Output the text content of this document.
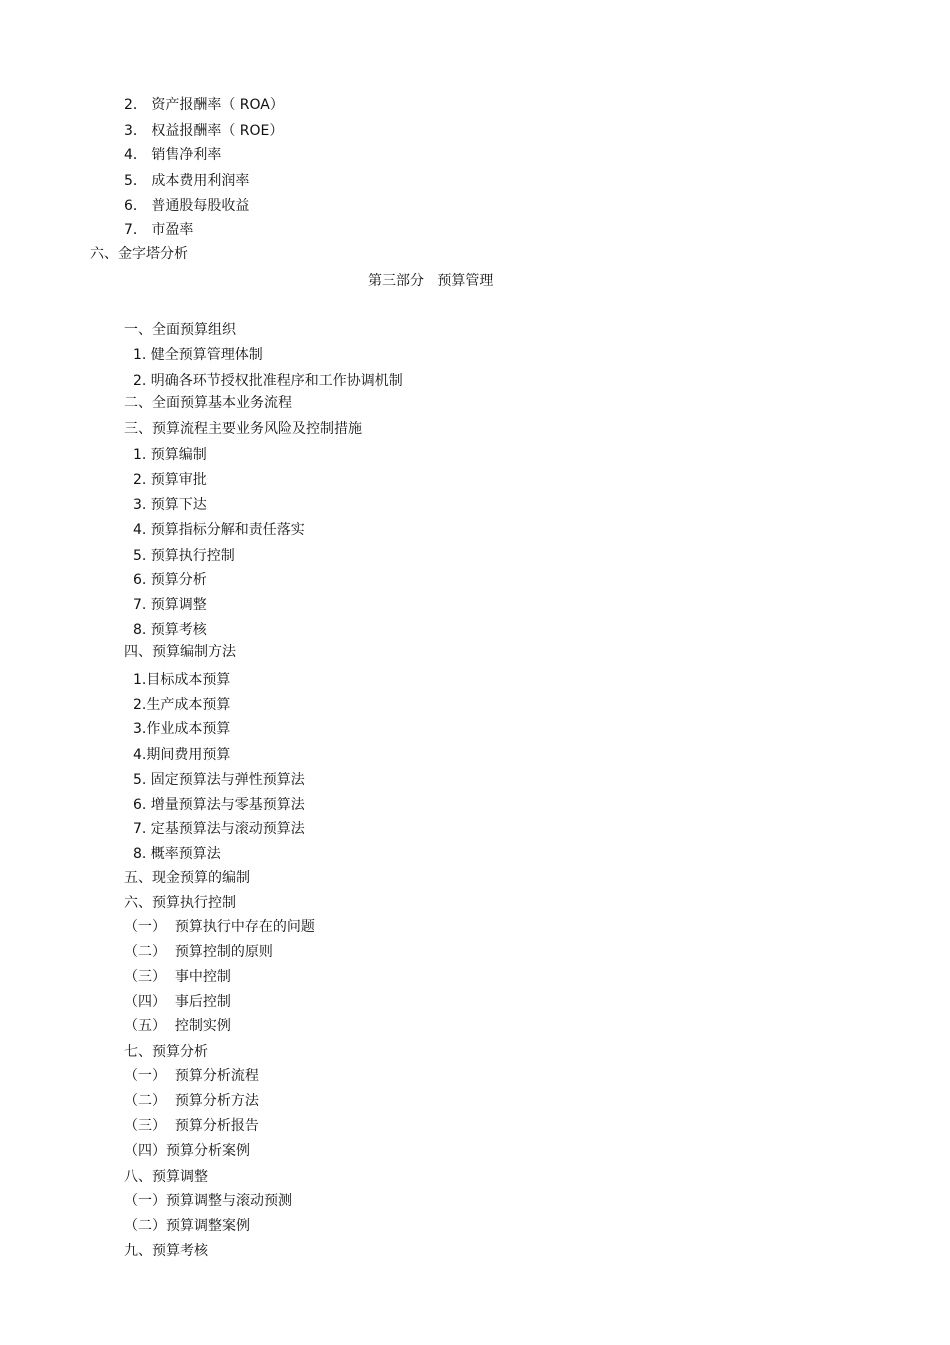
2． 资产报酬率（ ROA）
3． 权益报酬率（ ROE）
4． 销售净利率
5． 成本费用利润率
6． 普通股每股收益
7． 市盈率
六、金字塔分析
第三部分   预算管理
一、全面预算组织
1. 健全预算管理体制
2. 明确各环节授权批准程序和工作协调机制
二、全面预算基本业务流程
三、预算流程主要业务风险及控制措施
1. 预算编制
2. 预算审批
3. 预算下达
4. 预算指标分解和责任落实
5. 预算执行控制
6. 预算分析
7. 预算调整
8. 预算考核
四、预算编制方法
1.目标成本预算
2.生产成本预算
3.作业成本预算
4.期间费用预算
5. 固定预算法与弹性预算法
6. 增量预算法与零基预算法
7. 定基预算法与滚动预算法
8. 概率预算法
五、现金预算的编制
六、预算执行控制
（一）  预算执行中存在的问题
（二）  预算控制的原则
（三）  事中控制
（四）  事后控制
（五）  控制实例
七、预算分析
（一）  预算分析流程
（二）  预算分析方法
（三）  预算分析报告
（四）预算分析案例
八、预算调整
（一）预算调整与滚动预测
（二）预算调整案例
九、预算考核
